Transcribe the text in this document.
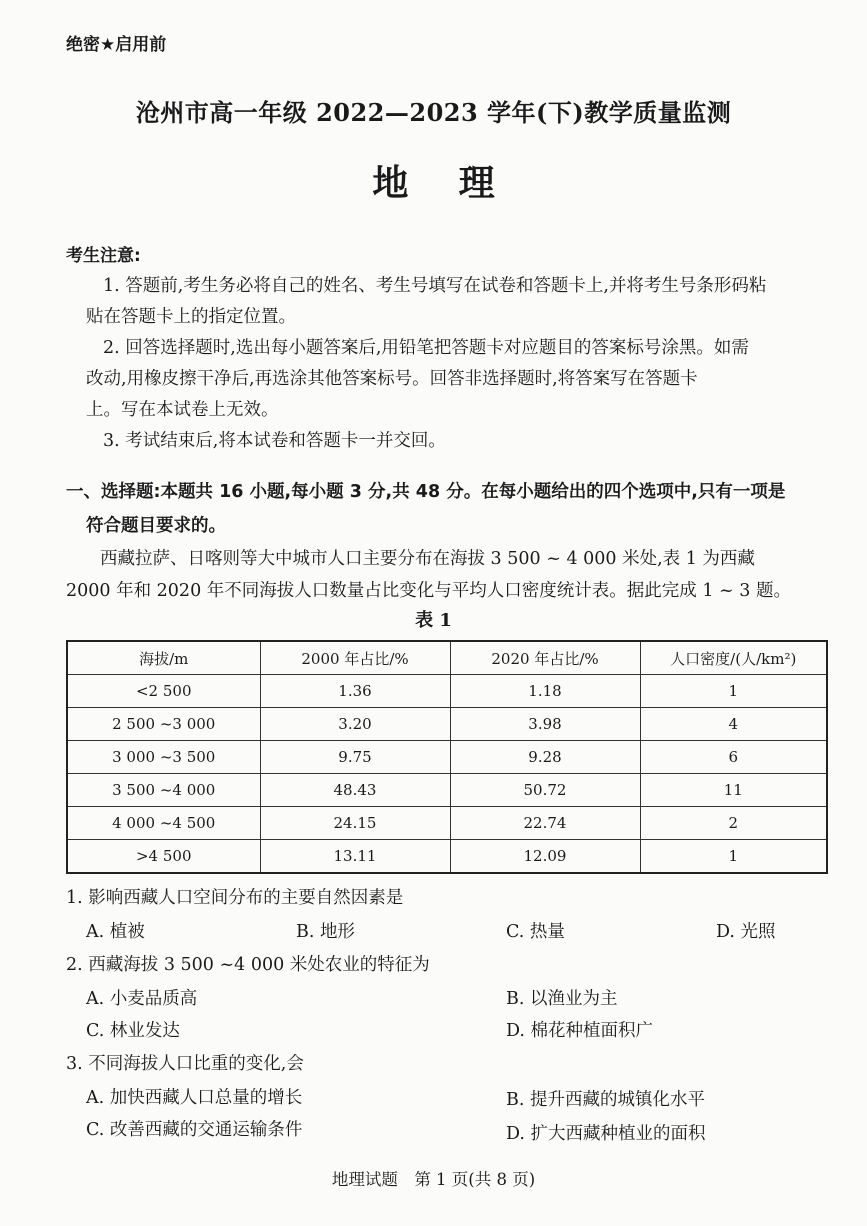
绝密★启用前
沧州市高一年级 2022—2023 学年(下)教学质量监测
地 理
考生注意:
1. 答题前,考生务必将自己的姓名、考生号填写在试卷和答题卡上,并将考生号条形码粘
贴在答题卡上的指定位置。
2. 回答选择题时,选出每小题答案后,用铅笔把答题卡对应题目的答案标号涂黑。如需
改动,用橡皮擦干净后,再选涂其他答案标号。回答非选择题时,将答案写在答题卡
上。写在本试卷上无效。
3. 考试结束后,将本试卷和答题卡一并交回。
一、选择题:本题共 16 小题,每小题 3 分,共 48 分。在每小题给出的四个选项中,只有一项是
符合题目要求的。
西藏拉萨、日喀则等大中城市人口主要分布在海拔 3 500 ~ 4 000 米处,表 1 为西藏
2000 年和 2020 年不同海拔人口数量占比变化与平均人口密度统计表。据此完成 1 ~ 3 题。
表 1
海拔/m	2000 年占比/%	2020 年占比/%	人口密度/(人/km²)
<2 500	1.36	1.18	1
2 500 ~3 000	3.20	3.98	4
3 000 ~3 500	9.75	9.28	6
3 500 ~4 000	48.43	50.72	11
4 000 ~4 500	24.15	22.74	2
>4 500	13.11	12.09	1
1. 影响西藏人口空间分布的主要自然因素是
A. 植被	B. 地形	C. 热量	D. 光照
2. 西藏海拔 3 500 ~4 000 米处农业的特征为
A. 小麦品质高	B. 以渔业为主
C. 林业发达	D. 棉花种植面积广
3. 不同海拔人口比重的变化,会
A. 加快西藏人口总量的增长	B. 提升西藏的城镇化水平
C. 改善西藏的交通运输条件	D. 扩大西藏种植业的面积
地理试题　第 1 页(共 8 页)
